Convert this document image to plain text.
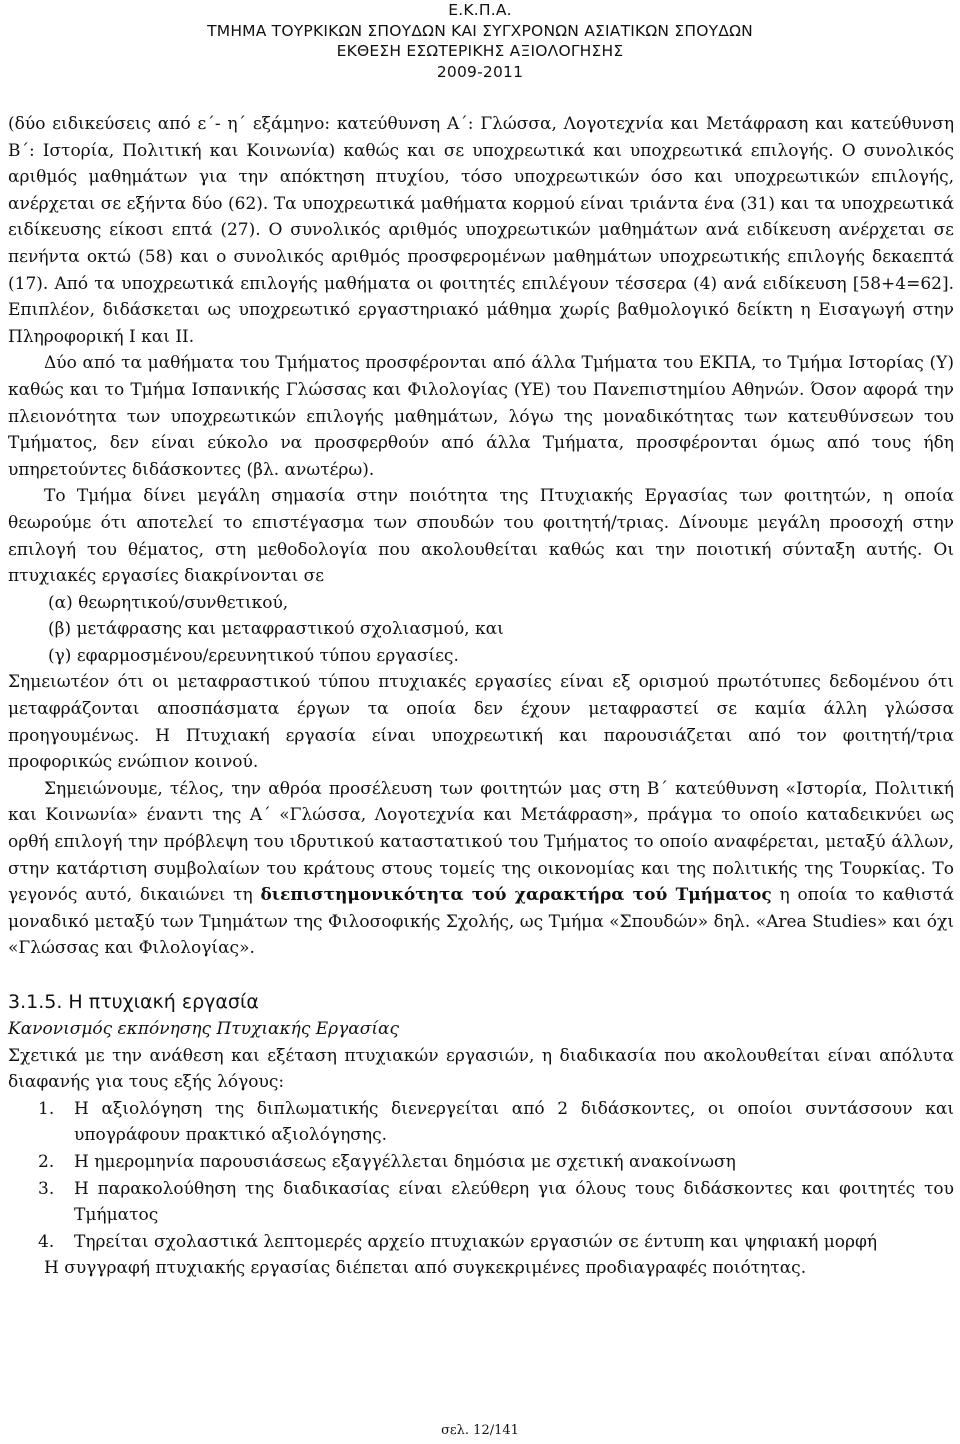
Ε.Κ.Π.Α.
ΤΜΗΜΑ ΤΟΥΡΚΙΚΩΝ ΣΠΟΥΔΩΝ ΚΑΙ ΣΥΓΧΡΟΝΩΝ ΑΣΙΑΤΙΚΩΝ ΣΠΟΥΔΩΝ
ΕΚΘΕΣΗ ΕΣΩΤΕΡΙΚΗΣ ΑΞΙΟΛΟΓΗΣΗΣ
2009-2011

(δύο ειδικεύσεις από ε΄- η΄ εξάμηνο: κατεύθυνση Α΄: Γλώσσα, Λογοτεχνία και Μετάφραση και κατεύθυνση Β΄: Ιστορία, Πολιτική και Κοινωνία) καθώς και σε υποχρεωτικά και υποχρεωτικά επιλογής. Ο συνολικός αριθμός μαθημάτων για την απόκτηση πτυχίου, τόσο υποχρεωτικών όσο και υποχρεωτικών επιλογής, ανέρχεται σε εξήντα δύο (62). Τα υποχρεωτικά μαθήματα κορμού είναι τριάντα ένα (31) και τα υποχρεωτικά ειδίκευσης είκοσι επτά (27). Ο συνολικός αριθμός υποχρεωτικών μαθημάτων ανά ειδίκευση ανέρχεται σε πενήντα οκτώ (58) και ο συνολικός αριθμός προσφερομένων μαθημάτων υποχρεωτικής επιλογής δεκαεπτά (17). Από τα υποχρεωτικά επιλογής μαθήματα οι φοιτητές επιλέγουν τέσσερα (4) ανά ειδίκευση [58+4=62]. Επιπλέον, διδάσκεται ως υποχρεωτικό εργαστηριακό μάθημα χωρίς βαθμολογικό δείκτη η Εισαγωγή στην Πληροφορική Ι και ΙΙ.

Δύο από τα μαθήματα του Τμήματος προσφέρονται από άλλα Τμήματα του ΕΚΠΑ, το Τμήμα Ιστορίας (Υ) καθώς και το Τμήμα Ισπανικής Γλώσσας και Φιλολογίας (ΥΕ) του Πανεπιστημίου Αθηνών. Όσον αφορά την πλειονότητα των υποχρεωτικών επιλογής μαθημάτων, λόγω της μοναδικότητας των κατευθύνσεων του Τμήματος, δεν είναι εύκολο να προσφερθούν από άλλα Τμήματα, προσφέρονται όμως από τους ήδη υπηρετούντες διδάσκοντες (βλ. ανωτέρω).

Το Τμήμα δίνει μεγάλη σημασία στην ποιότητα της Πτυχιακής Εργασίας των φοιτητών, η οποία θεωρούμε ότι αποτελεί το επιστέγασμα των σπουδών του φοιτητή/τριας. Δίνουμε μεγάλη προσοχή στην επιλογή του θέματος, στη μεθοδολογία που ακολουθείται καθώς και την ποιοτική σύνταξη αυτής. Οι πτυχιακές εργασίες διακρίνονται σε

(α) θεωρητικού/συνθετικού,

(β) μετάφρασης και μεταφραστικού σχολιασμού, και

(γ) εφαρμοσμένου/ερευνητικού τύπου εργασίες.

Σημειωτέον ότι οι μεταφραστικού τύπου πτυχιακές εργασίες είναι εξ ορισμού πρωτότυπες δεδομένου ότι μεταφράζονται αποσπάσματα έργων τα οποία δεν έχουν μεταφραστεί σε καμία άλλη γλώσσα προηγουμένως. Η Πτυχιακή εργασία είναι υποχρεωτική και παρουσιάζεται από τον φοιτητή/τρια προφορικώς ενώπιον κοινού.

Σημειώνουμε, τέλος, την αθρόα προσέλευση των φοιτητών μας στη Β΄ κατεύθυνση «Ιστορία, Πολιτική και Κοινωνία» έναντι της Α΄ «Γλώσσα, Λογοτεχνία και Μετάφραση», πράγμα το οποίο καταδεικνύει ως ορθή επιλογή την πρόβλεψη του ιδρυτικού καταστατικού του Τμήματος το οποίο αναφέρεται, μεταξύ άλλων, στην κατάρτιση συμβολαίων του κράτους στους τομείς της οικονομίας και της πολιτικής της Τουρκίας. Το γεγονός αυτό, δικαιώνει τη διεπιστημονικότητα τού χαρακτήρα τού Τμήματος η οποία το καθιστά μοναδικό μεταξύ των Τμημάτων της Φιλοσοφικής Σχολής, ως Τμήμα «Σπουδών» δηλ. «Area Studies» και όχι «Γλώσσας και Φιλολογίας».

3.1.5. Η πτυχιακή εργασία

Κανονισμός εκπόνησης Πτυχιακής Εργασίας

Σχετικά με την ανάθεση και εξέταση πτυχιακών εργασιών, η διαδικασία που ακολουθείται είναι απόλυτα διαφανής για τους εξής λόγους:

1. Η αξιολόγηση της διπλωματικής διενεργείται από 2 διδάσκοντες, οι οποίοι συντάσσουν και υπογράφουν πρακτικό αξιολόγησης.
2. Η ημερομηνία παρουσιάσεως εξαγγέλλεται δημόσια με σχετική ανακοίνωση
3. Η παρακολούθηση της διαδικασίας είναι ελεύθερη για όλους τους διδάσκοντες και φοιτητές του Τμήματος
4. Τηρείται σχολαστικά λεπτομερές αρχείο πτυχιακών εργασιών σε έντυπη και ψηφιακή μορφή

Η συγγραφή πτυχιακής εργασίας διέπεται από συγκεκριμένες προδιαγραφές ποιότητας.

σελ. 12/141
